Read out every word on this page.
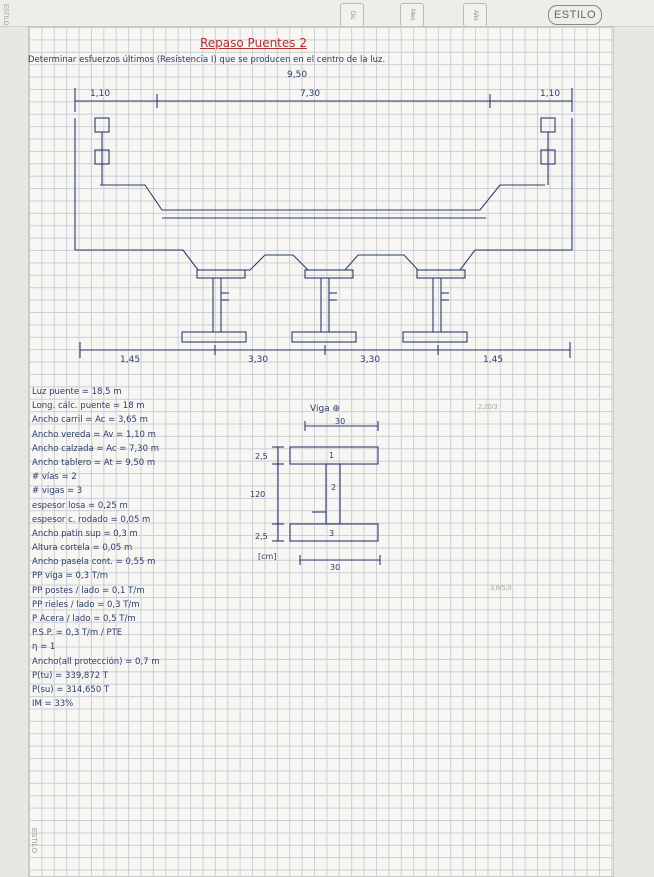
ESTILO	Dic	Mes	Año	ESTILO
Repaso Puentes 2
Determinar esfuerzos últimos (Resistencia I) que se producen en el centro de la luz.
9,50
1,10	7,30	1,10
1,45	3,30	3,30	1,45
Luz puente = 18,5 m
Long. cálc. puente = 18 m
Ancho carril = Ac = 3,65 m
Ancho vereda = Av = 1,10 m
Ancho calzada = Ac = 7,30 m
Ancho tablero = At = 9,50 m
# vías = 2
# vigas = 3
espesor losa = 0,25 m
espesor c. rodado = 0,05 m
Ancho patín sup = 0,3 m
Altura cortela = 0,05 m
Ancho pasela cont. = 0,55 m
PP viga = 0,3 T/m
PP postes / lado = 0,1 T/m
PP rieles / lado = 0,3 T/m
P Acera / lado = 0,5 T/m
P.S.P. = 0,3 T/m / PTE
η = 1
Ancho(all protección) = 0,7 m
P(tu) = 339,872 T
P(su) = 314,650 T
IM = 33%
Viga ⊕
30
2,5
120
2,5
[cm]
30
1
2
3
2,20/3
3,6/5,0
ESTILO
